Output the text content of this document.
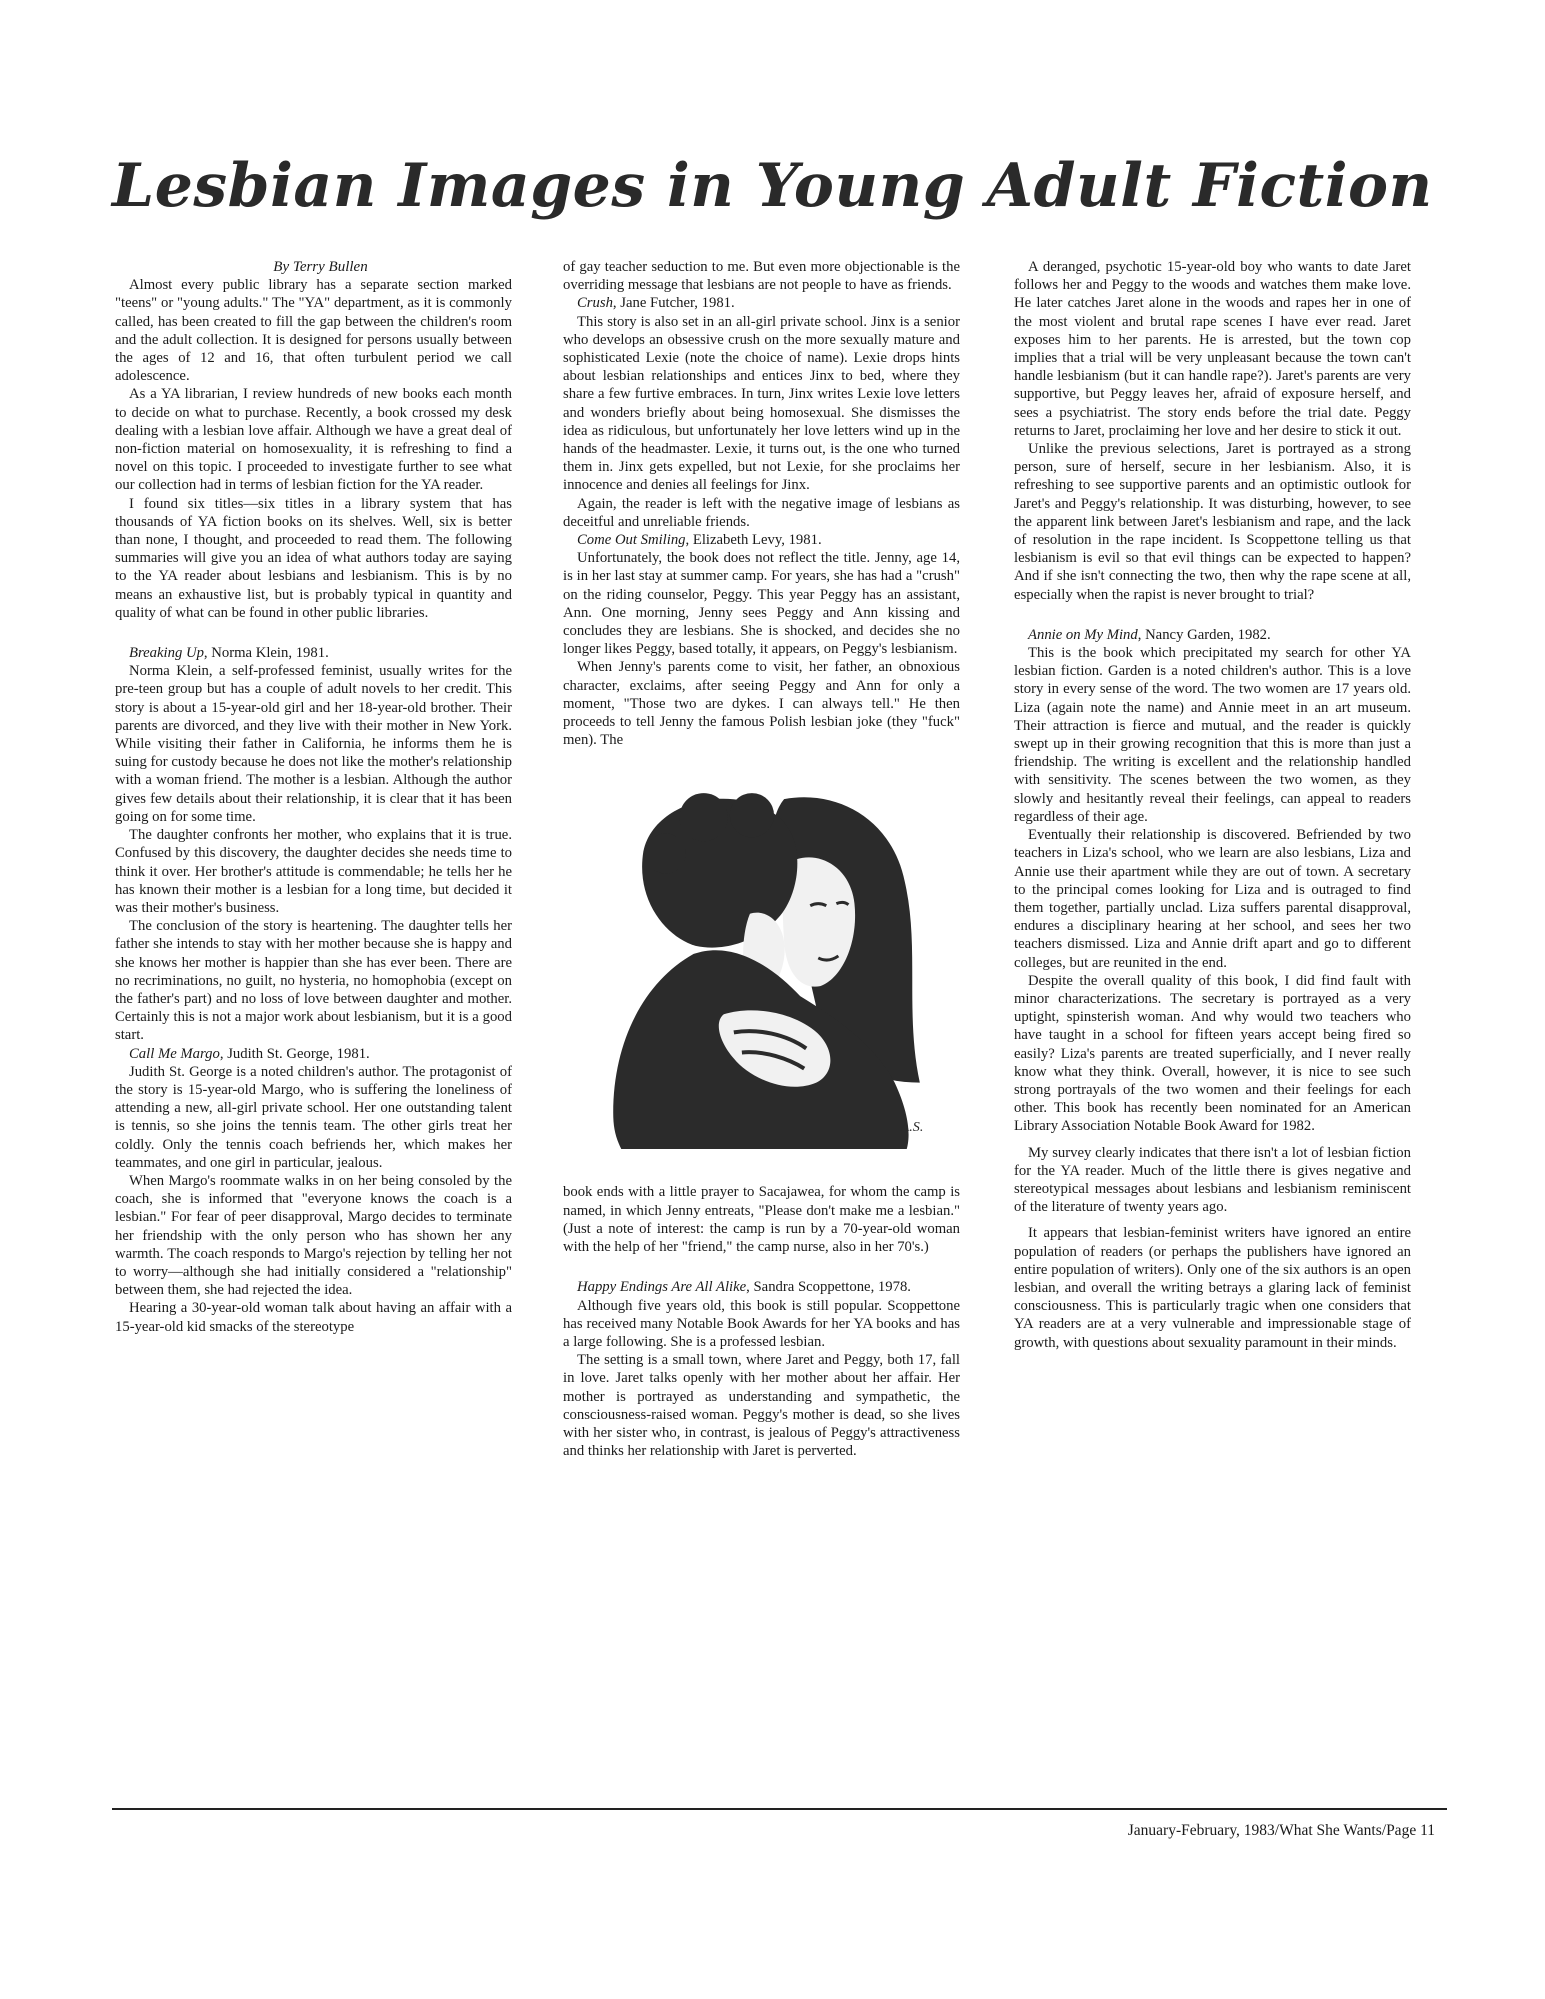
Lesbian Images in Young Adult Fiction

By Terry Bullen

Almost every public library has a separate section marked "teens" or "young adults." The "YA" department, as it is commonly called, has been created to fill the gap between the children's room and the adult collection. It is designed for persons usually between the ages of 12 and 16, that often turbulent period we call adolescence.

As a YA librarian, I review hundreds of new books each month to decide on what to purchase. Recently, a book crossed my desk dealing with a lesbian love affair. Although we have a great deal of non-fiction material on homosexuality, it is refreshing to find a novel on this topic. I proceeded to investigate further to see what our collection had in terms of lesbian fiction for the YA reader.

I found six titles—six titles in a library system that has thousands of YA fiction books on its shelves. Well, six is better than none, I thought, and proceeded to read them. The following summaries will give you an idea of what authors today are saying to the YA reader about lesbians and lesbianism. This is by no means an exhaustive list, but is probably typical in quantity and quality of what can be found in other public libraries.

Breaking Up, Norma Klein, 1981.

Norma Klein, a self-professed feminist, usually writes for the pre-teen group but has a couple of adult novels to her credit. This story is about a 15-year-old girl and her 18-year-old brother. Their parents are divorced, and they live with their mother in New York. While visiting their father in California, he informs them he is suing for custody because he does not like the mother's relationship with a woman friend. The mother is a lesbian. Although the author gives few details about their relationship, it is clear that it has been going on for some time.

The daughter confronts her mother, who explains that it is true. Confused by this discovery, the daughter decides she needs time to think it over. Her brother's attitude is commendable; he tells her he has known their mother is a lesbian for a long time, but decided it was their mother's business.

The conclusion of the story is heartening. The daughter tells her father she intends to stay with her mother because she is happy and she knows her mother is happier than she has ever been. There are no recriminations, no guilt, no hysteria, no homophobia (except on the father's part) and no loss of love between daughter and mother. Certainly this is not a major work about lesbianism, but it is a good start.

Call Me Margo, Judith St. George, 1981.

Judith St. George is a noted children's author. The protagonist of the story is 15-year-old Margo, who is suffering the loneliness of attending a new, all-girl private school. Her one outstanding talent is tennis, so she joins the tennis team. The other girls treat her coldly. Only the tennis coach befriends her, which makes her teammates, and one girl in particular, jealous.

When Margo's roommate walks in on her being consoled by the coach, she is informed that "everyone knows the coach is a lesbian." For fear of peer disapproval, Margo decides to terminate her friendship with the only person who has shown her any warmth. The coach responds to Margo's rejection by telling her not to worry—although she had initially considered a "relationship" between them, she had rejected the idea.

Hearing a 30-year-old woman talk about having an affair with a 15-year-old kid smacks of the stereotype

of gay teacher seduction to me. But even more objectionable is the overriding message that lesbians are not people to have as friends.

Crush, Jane Futcher, 1981.

This story is also set in an all-girl private school. Jinx is a senior who develops an obsessive crush on the more sexually mature and sophisticated Lexie (note the choice of name). Lexie drops hints about lesbian relationships and entices Jinx to bed, where they share a few furtive embraces. In turn, Jinx writes Lexie love letters and wonders briefly about being homosexual. She dismisses the idea as ridiculous, but unfortunately her love letters wind up in the hands of the headmaster. Lexie, it turns out, is the one who turned them in. Jinx gets expelled, but not Lexie, for she proclaims her innocence and denies all feelings for Jinx.

Again, the reader is left with the negative image of lesbians as deceitful and unreliable friends.

Come Out Smiling, Elizabeth Levy, 1981.

Unfortunately, the book does not reflect the title. Jenny, age 14, is in her last stay at summer camp. For years, she has had a "crush" on the riding counselor, Peggy. This year Peggy has an assistant, Ann. One morning, Jenny sees Peggy and Ann kissing and concludes they are lesbians. She is shocked, and decides she no longer likes Peggy, based totally, it appears, on Peggy's lesbianism.

When Jenny's parents come to visit, her father, an obnoxious character, exclaims, after seeing Peggy and Ann for only a moment, "Those two are dykes. I can always tell." He then proceeds to tell Jenny the famous Polish lesbian joke (they "fuck" men). The

A.S.

book ends with a little prayer to Sacajawea, for whom the camp is named, in which Jenny entreats, "Please don't make me a lesbian." (Just a note of interest: the camp is run by a 70-year-old woman with the help of her "friend," the camp nurse, also in her 70's.)

Happy Endings Are All Alike, Sandra Scoppettone, 1978.

Although five years old, this book is still popular. Scoppettone has received many Notable Book Awards for her YA books and has a large following. She is a professed lesbian.

The setting is a small town, where Jaret and Peggy, both 17, fall in love. Jaret talks openly with her mother about her affair. Her mother is portrayed as understanding and sympathetic, the consciousness-raised woman. Peggy's mother is dead, so she lives with her sister who, in contrast, is jealous of Peggy's attractiveness and thinks her relationship with Jaret is perverted.

A deranged, psychotic 15-year-old boy who wants to date Jaret follows her and Peggy to the woods and watches them make love. He later catches Jaret alone in the woods and rapes her in one of the most violent and brutal rape scenes I have ever read. Jaret exposes him to her parents. He is arrested, but the town cop implies that a trial will be very unpleasant because the town can't handle lesbianism (but it can handle rape?). Jaret's parents are very supportive, but Peggy leaves her, afraid of exposure herself, and sees a psychiatrist. The story ends before the trial date. Peggy returns to Jaret, proclaiming her love and her desire to stick it out.

Unlike the previous selections, Jaret is portrayed as a strong person, sure of herself, secure in her lesbianism. Also, it is refreshing to see supportive parents and an optimistic outlook for Jaret's and Peggy's relationship. It was disturbing, however, to see the apparent link between Jaret's lesbianism and rape, and the lack of resolution in the rape incident. Is Scoppettone telling us that lesbianism is evil so that evil things can be expected to happen? And if she isn't connecting the two, then why the rape scene at all, especially when the rapist is never brought to trial?

Annie on My Mind, Nancy Garden, 1982.

This is the book which precipitated my search for other YA lesbian fiction. Garden is a noted children's author. This is a love story in every sense of the word. The two women are 17 years old. Liza (again note the name) and Annie meet in an art museum. Their attraction is fierce and mutual, and the reader is quickly swept up in their growing recognition that this is more than just a friendship. The writing is excellent and the relationship handled with sensitivity. The scenes between the two women, as they slowly and hesitantly reveal their feelings, can appeal to readers regardless of their age.

Eventually their relationship is discovered. Befriended by two teachers in Liza's school, who we learn are also lesbians, Liza and Annie use their apartment while they are out of town. A secretary to the principal comes looking for Liza and is outraged to find them together, partially unclad. Liza suffers parental disapproval, endures a disciplinary hearing at her school, and sees her two teachers dismissed. Liza and Annie drift apart and go to different colleges, but are reunited in the end.

Despite the overall quality of this book, I did find fault with minor characterizations. The secretary is portrayed as a very uptight, spinsterish woman. And why would two teachers who have taught in a school for fifteen years accept being fired so easily? Liza's parents are treated superficially, and I never really know what they think. Overall, however, it is nice to see such strong portrayals of the two women and their feelings for each other. This book has recently been nominated for an American Library Association Notable Book Award for 1982.

My survey clearly indicates that there isn't a lot of lesbian fiction for the YA reader. Much of the little there is gives negative and stereotypical messages about lesbians and lesbianism reminiscent of the literature of twenty years ago.

It appears that lesbian-feminist writers have ignored an entire population of readers (or perhaps the publishers have ignored an entire population of writers). Only one of the six authors is an open lesbian, and overall the writing betrays a glaring lack of feminist consciousness. This is particularly tragic when one considers that YA readers are at a very vulnerable and impressionable stage of growth, with questions about sexuality paramount in their minds.

January-February, 1983/What She Wants/Page 11
